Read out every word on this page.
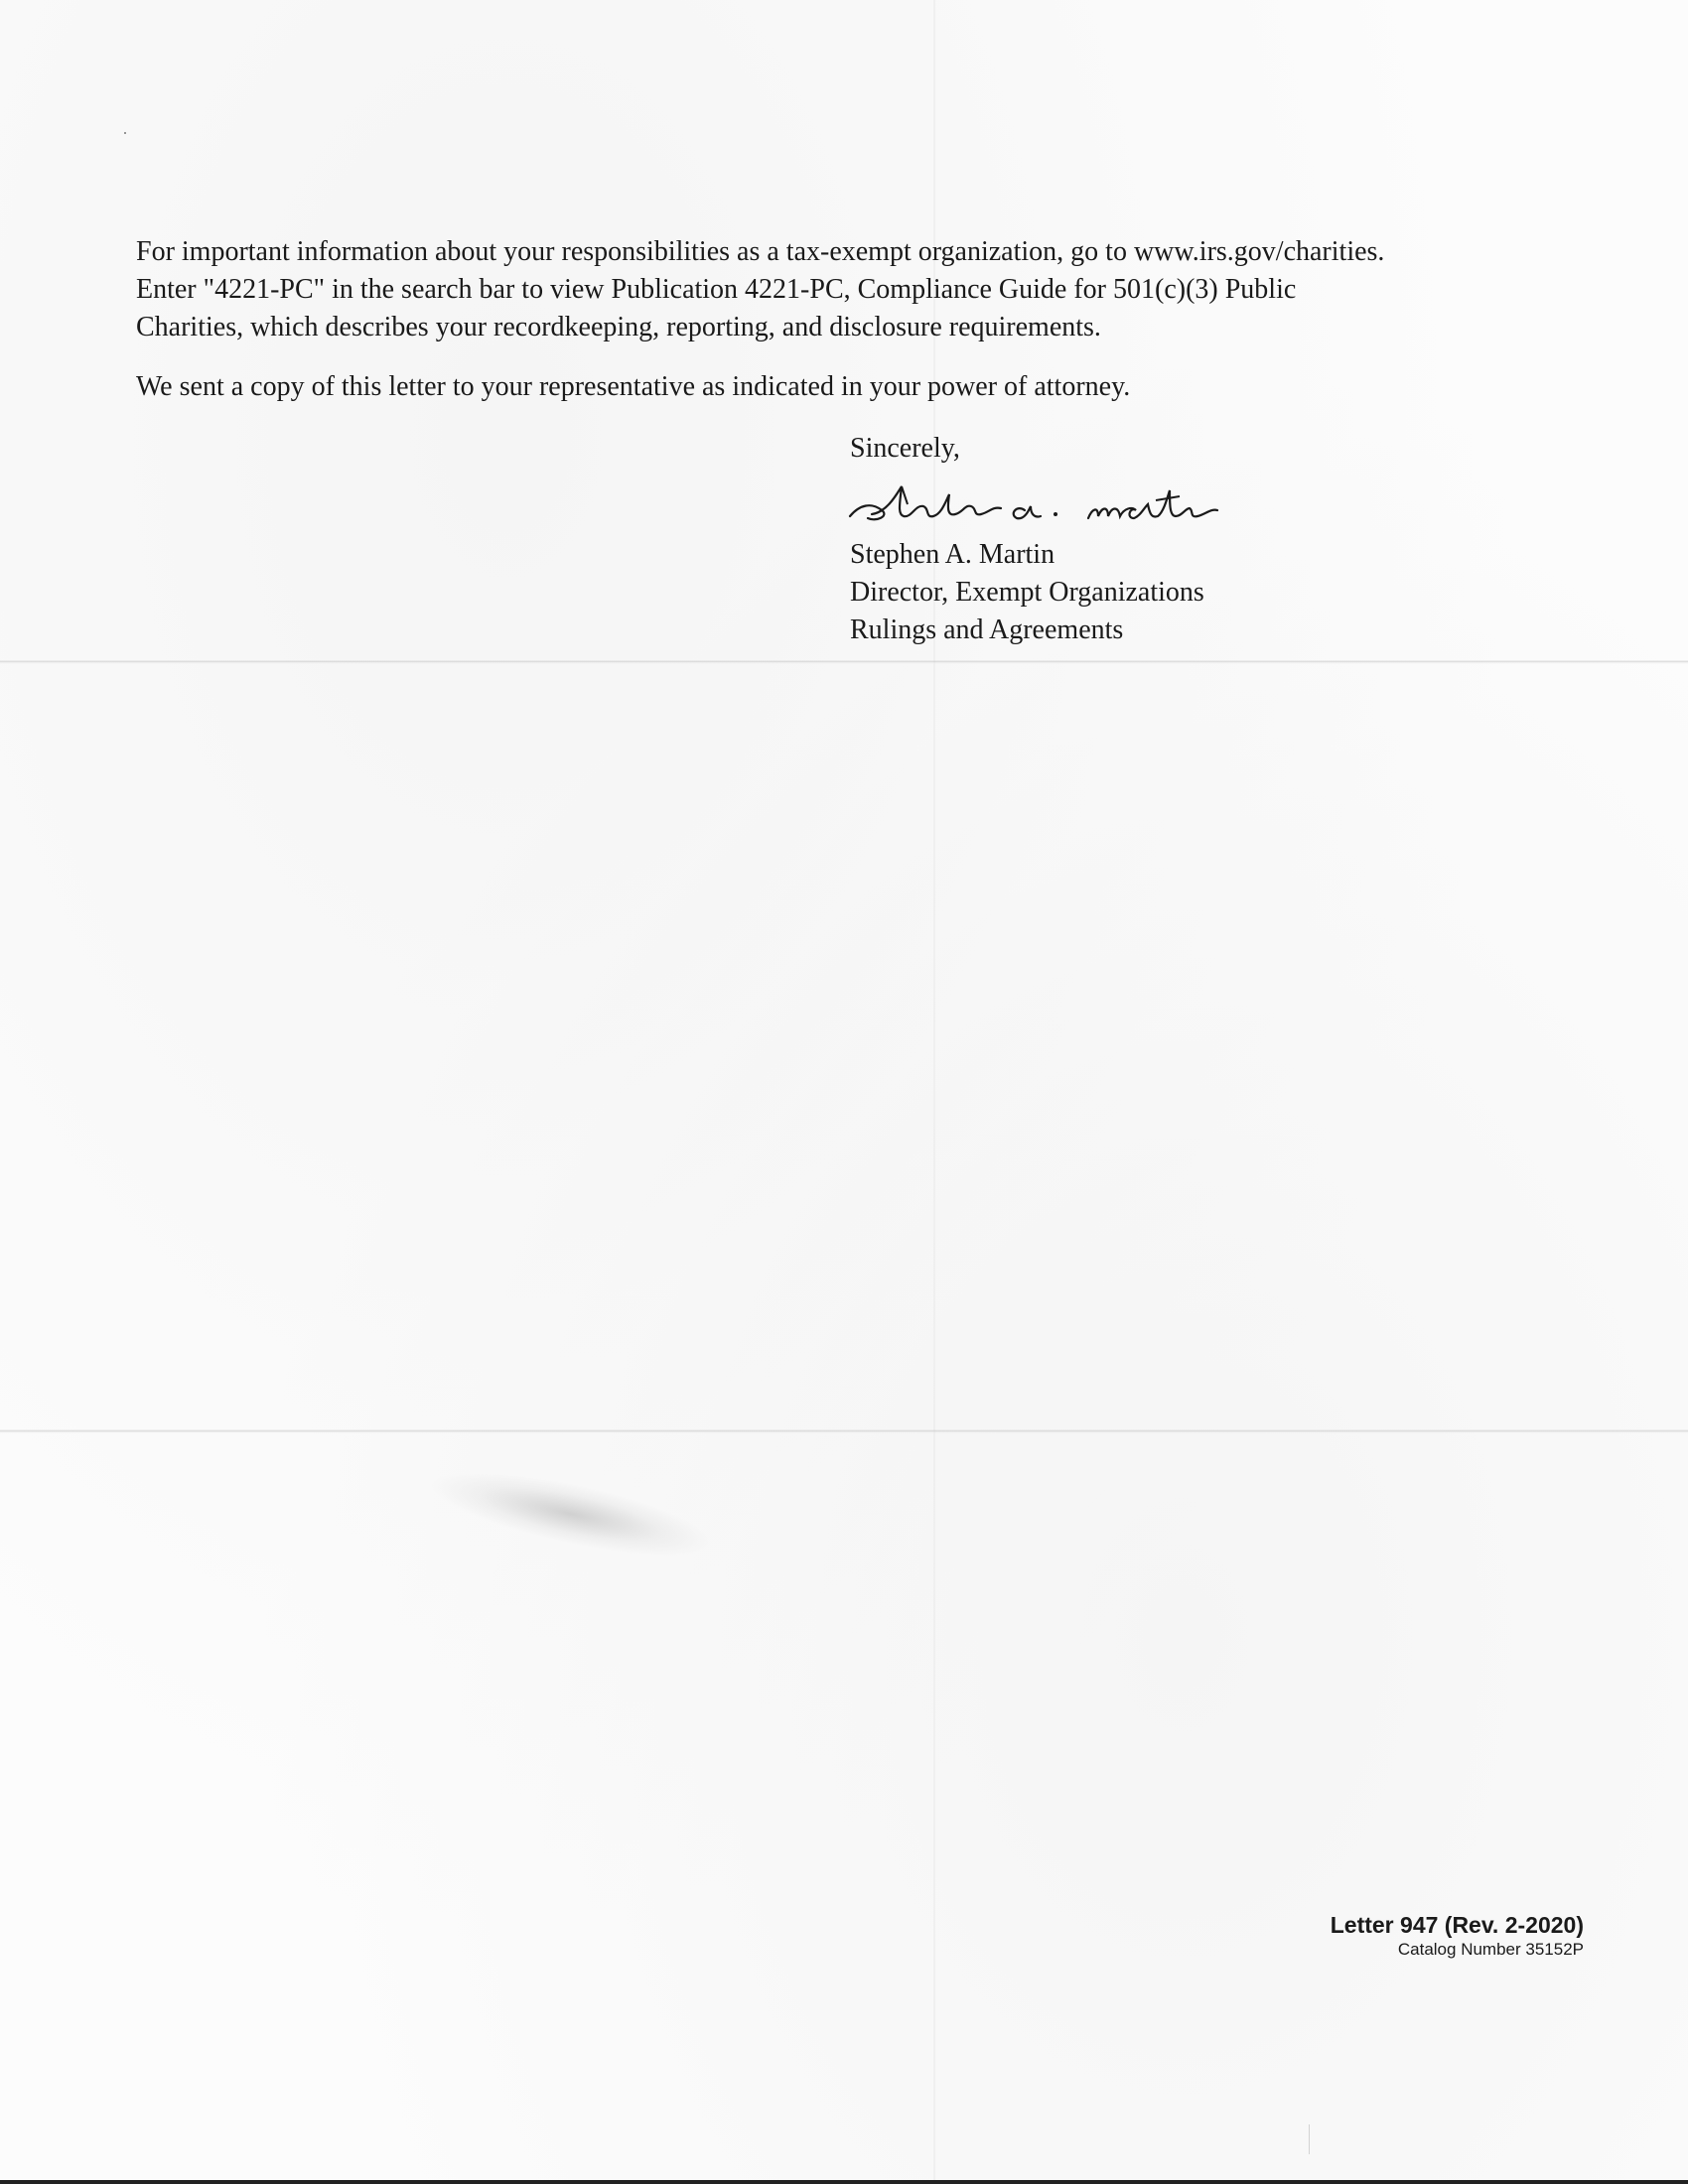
For important information about your responsibilities as a tax-exempt organization, go to www.irs.gov/charities.
Enter "4221-PC" in the search bar to view Publication 4221-PC, Compliance Guide for 501(c)(3) Public
Charities, which describes your recordkeeping, reporting, and disclosure requirements.

We sent a copy of this letter to your representative as indicated in your power of attorney.

Sincerely,
Stephen A. Martin
Director, Exempt Organizations
Rulings and Agreements
Letter 947 (Rev. 2-2020)
Catalog Number 35152P
